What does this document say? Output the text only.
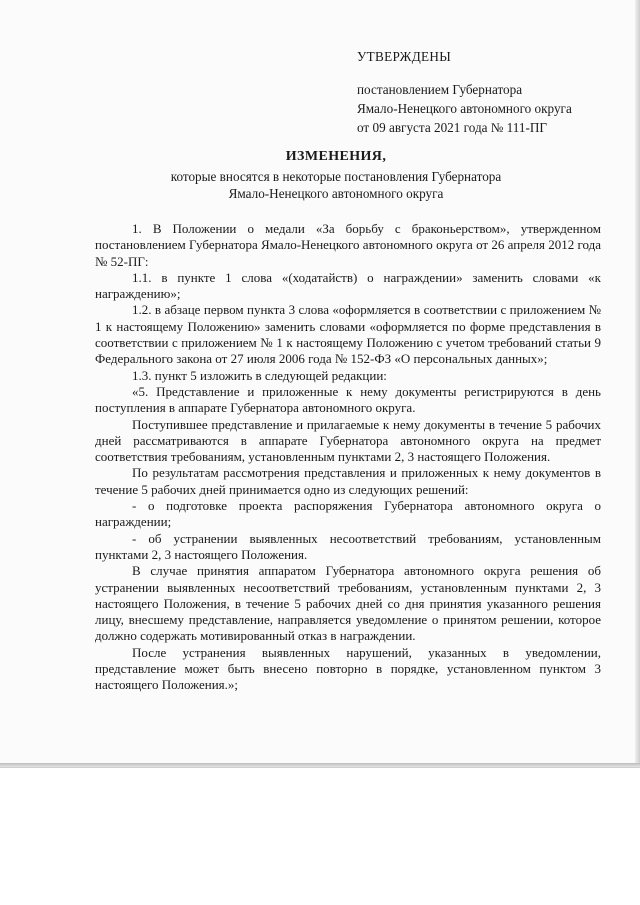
УТВЕРЖДЕНЫ
постановлением Губернатора
Ямало-Ненецкого автономного округа
от 09 августа 2021 года № 111-ПГ
ИЗМЕНЕНИЯ,
которые вносятся в некоторые постановления Губернатора
Ямало-Ненецкого автономного округа

1. В Положении о медали «За борьбу с браконьерством», утвержденном постановлением Губернатора Ямало-Ненецкого автономного округа от 26 апреля 2012 года № 52-ПГ:

1.1. в пункте 1 слова «(ходатайств) о награждении» заменить словами «к награждению»;

1.2. в абзаце первом пункта 3 слова «оформляется в соответствии с приложением № 1 к настоящему Положению» заменить словами «оформляется по форме представления в соответствии с приложением № 1 к настоящему Положению с учетом требований статьи 9 Федерального закона от 27 июля 2006 года № 152-ФЗ «О персональных данных»;

1.3. пункт 5 изложить в следующей редакции:

«5. Представление и приложенные к нему документы регистрируются в день поступления в аппарате Губернатора автономного округа.

Поступившее представление и прилагаемые к нему документы в течение 5 рабочих дней рассматриваются в аппарате Губернатора автономного округа на предмет соответствия требованиям, установленным пунктами 2, 3 настоящего Положения.

По результатам рассмотрения представления и приложенных к нему документов в течение 5 рабочих дней принимается одно из следующих решений:

- о подготовке проекта распоряжения Губернатора автономного округа о награждении;

- об устранении выявленных несоответствий требованиям, установленным пунктами 2, 3 настоящего Положения.

В случае принятия аппаратом Губернатора автономного округа решения об устранении выявленных несоответствий требованиям, установленным пунктами 2, 3 настоящего Положения, в течение 5 рабочих дней со дня принятия указанного решения лицу, внесшему представление, направляется уведомление о принятом решении, которое должно содержать мотивированный отказ в награждении.

После устранения выявленных нарушений, указанных в уведомлении, представление может быть внесено повторно в порядке, установленном пунктом 3 настоящего Положения.»;
